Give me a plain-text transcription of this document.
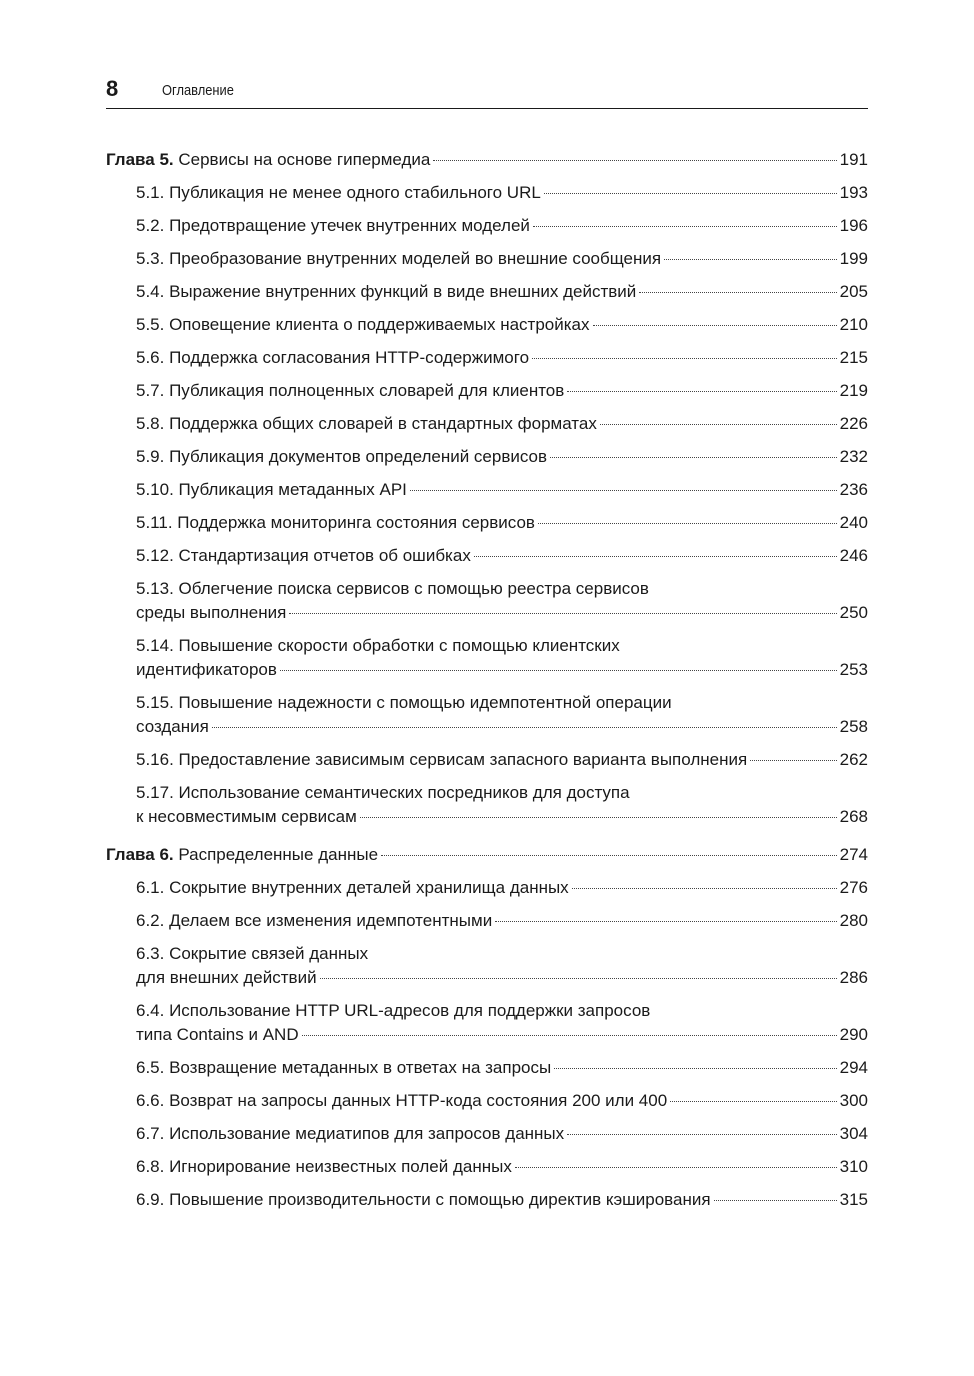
8	Оглавление
Глава 5. Сервисы на основе гипермедиа	191
5.1. Публикация не менее одного стабильного URL	193
5.2. Предотвращение утечек внутренних моделей	196
5.3. Преобразование внутренних моделей во внешние сообщения	199
5.4. Выражение внутренних функций в виде внешних действий	205
5.5. Оповещение клиента о поддерживаемых настройках	210
5.6. Поддержка согласования HTTP-содержимого	215
5.7. Публикация полноценных словарей для клиентов	219
5.8. Поддержка общих словарей в стандартных форматах	226
5.9. Публикация документов определений сервисов	232
5.10. Публикация метаданных API	236
5.11. Поддержка мониторинга состояния сервисов	240
5.12. Стандартизация отчетов об ошибках	246
5.13. Облегчение поиска сервисов с помощью реестра сервисов
среды выполнения	250
5.14. Повышение скорости обработки с помощью клиентских
идентификаторов	253
5.15. Повышение надежности с помощью идемпотентной операции
создания	258
5.16. Предоставление зависимым сервисам запасного варианта выполнения	262
5.17. Использование семантических посредников для доступа
к несовместимым сервисам	268
Глава 6. Распределенные данные	274
6.1. Сокрытие внутренних деталей хранилища данных	276
6.2. Делаем все изменения идемпотентными	280
6.3. Сокрытие связей данных
для внешних действий	286
6.4. Использование HTTP URL-адресов для поддержки запросов
типа Contains и AND	290
6.5. Возвращение метаданных в ответах на запросы	294
6.6. Возврат на запросы данных HTTP-кода состояния 200 или 400	300
6.7. Использование медиатипов для запросов данных	304
6.8. Игнорирование неизвестных полей данных	310
6.9. Повышение производительности с помощью директив кэширования	315
